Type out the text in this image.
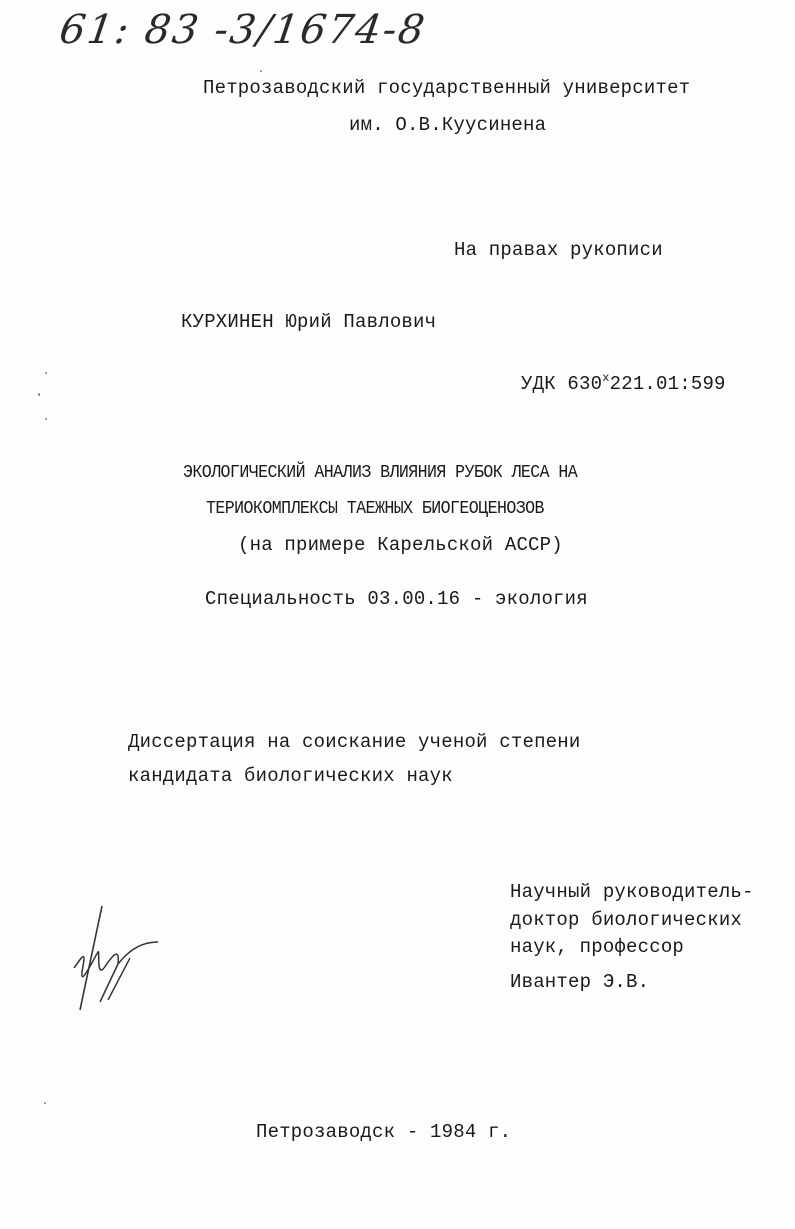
61: 83 -3/1674-8
Петрозаводский государственный университет
им. О.В.Куусинена
На правах рукописи
КУРХИНЕН Юрий Павлович
УДК 630$^x$221.01:599
ЭКОЛОГИЧЕСКИЙ АНАЛИЗ ВЛИЯНИЯ РУБОК ЛЕСА НА
ТЕРИОКОМПЛЕКСЫ ТАЕЖНЫХ БИОГЕОЦЕНОЗОВ
(на примере Карельской АССР)
Специальность 03.00.16 - экология
Диссертация на соискание ученой степени
кандидата биологических наук
Научный руководитель-
доктор биологических
наук, профессор
Ивантер Э.В.
Петрозаводск - 1984 г.
